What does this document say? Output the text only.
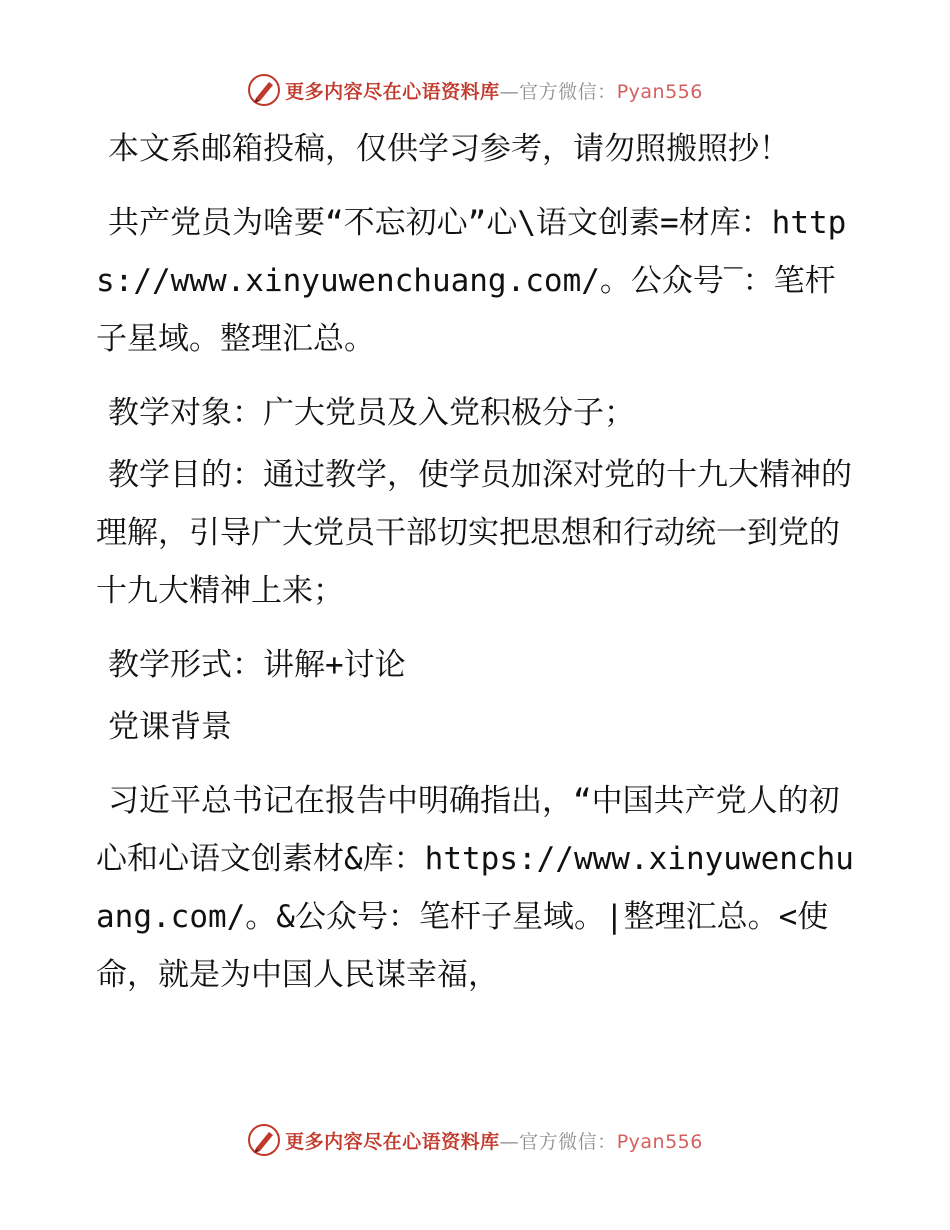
更多内容尽在心语资料库—官方微信：Pyan556

本文系邮箱投稿，仅供学习参考，请勿照搬照抄！

共产党员为啥要“不忘初心”心\语文创素=材库：https://www.xinyuwenchuang.com/。公众号‾：笔杆子星域。整理汇总。

教学对象：广大党员及入党积极分子；

教学目的：通过教学，使学员加深对党的十九大精神的理解，引导广大党员干部切实把思想和行动统一到党的十九大精神上来；

教学形式：讲解+讨论

党课背景

习近平总书记在报告中明确指出，“中国共产党人的初心和心语文创素材&库：https://www.xinyuwenchuang.com/。&公众号：笔杆子星域。|整理汇总。<使命，就是为中国人民谋幸福，

更多内容尽在心语资料库—官方微信：Pyan556
